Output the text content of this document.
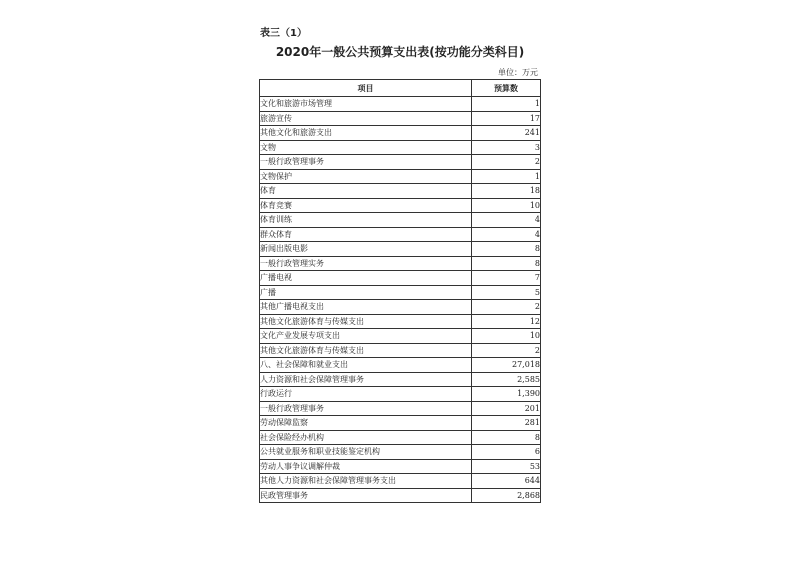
表三（1）
2020年一般公共预算支出表(按功能分类科目)
单位：万元
项目	预算数
文化和旅游市场管理	1
旅游宣传	17
其他文化和旅游支出	241
文物	3
一般行政管理事务	2
文物保护	1
体育	18
体育竞赛	10
体育训练	4
群众体育	4
新闻出版电影	8
一般行政管理实务	8
广播电视	7
广播	5
其他广播电视支出	2
其他文化旅游体育与传媒支出	12
文化产业发展专项支出	10
其他文化旅游体育与传媒支出	2
八、社会保障和就业支出	27,018
人力资源和社会保障管理事务	2,585
行政运行	1,390
一般行政管理事务	201
劳动保障监察	281
社会保险经办机构	8
公共就业服务和职业技能鉴定机构	6
劳动人事争议调解仲裁	53
其他人力资源和社会保障管理事务支出	644
民政管理事务	2,868
